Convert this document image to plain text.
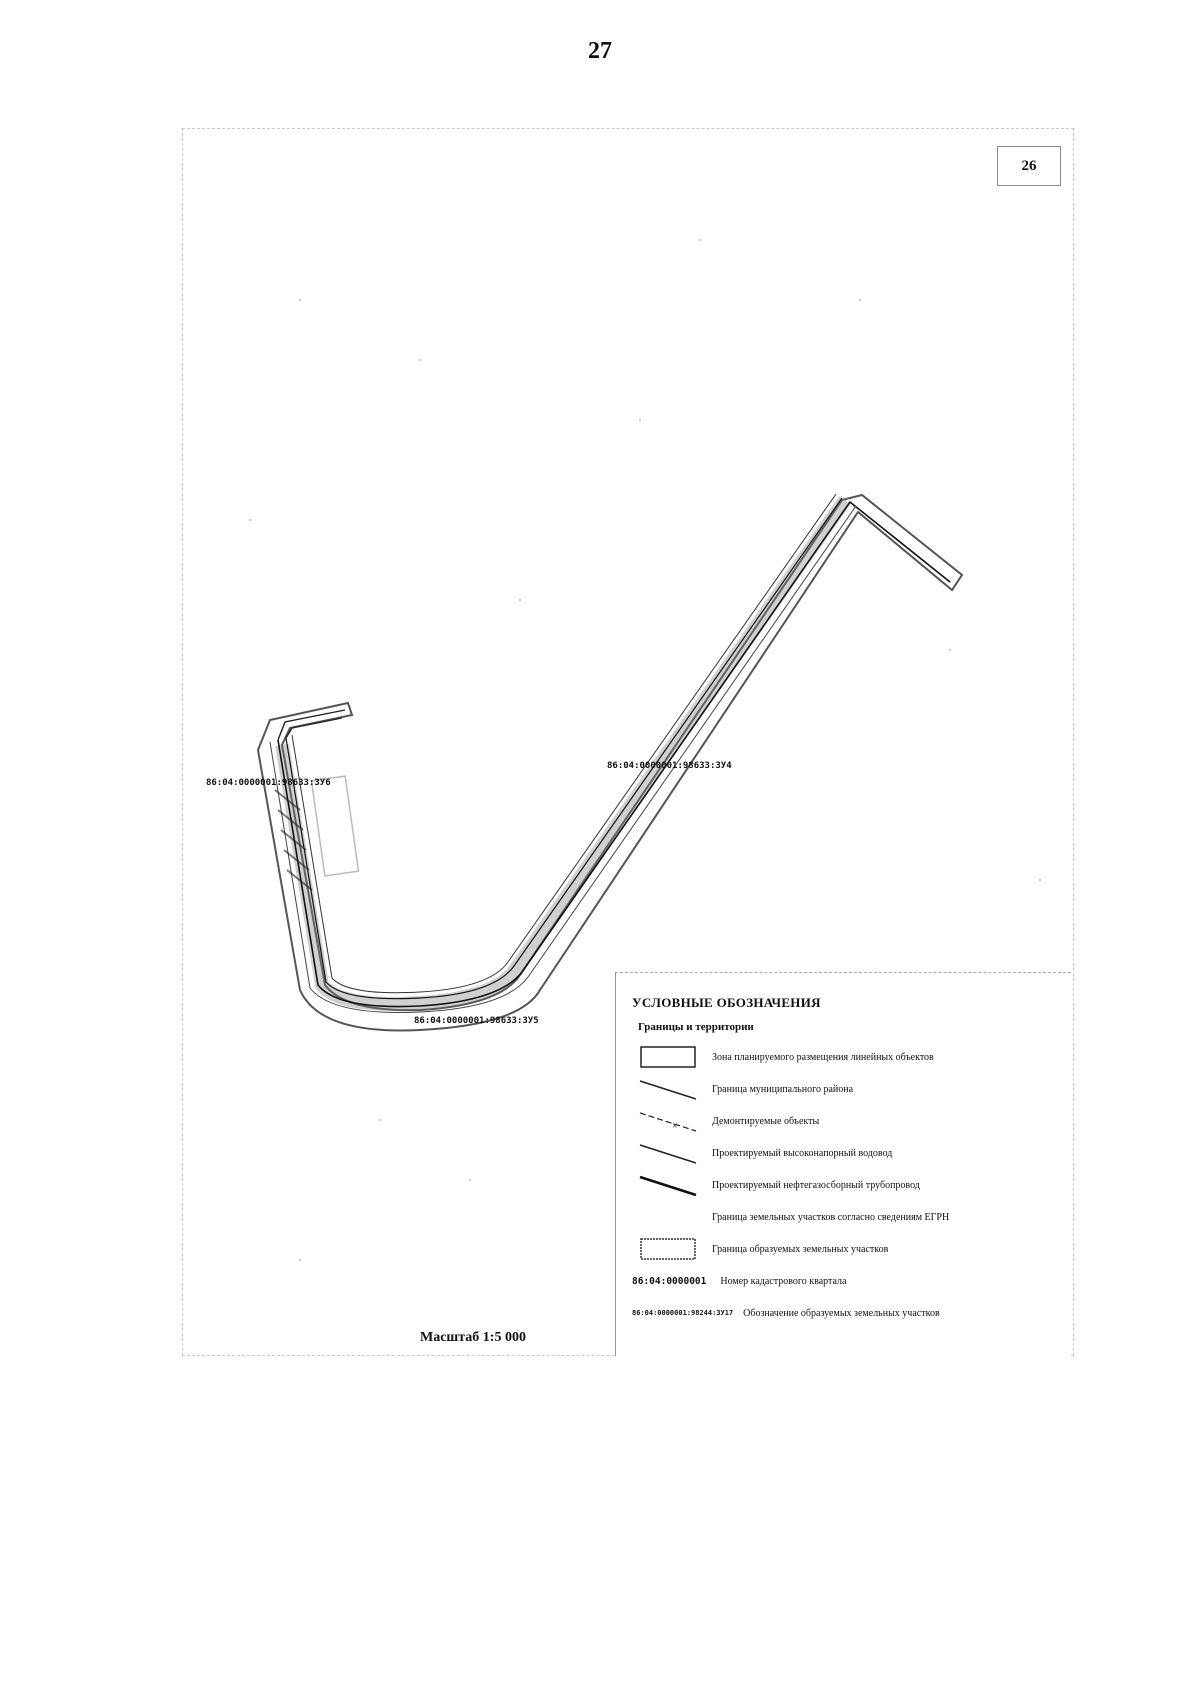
27
26
86:04:0000001:98633:ЗУ6
86:04:0000001:98633:ЗУ4
86:04:0000001:98633:ЗУ5
УСЛОВНЫЕ ОБОЗНАЧЕНИЯ
Границы и территории
Зона планируемого размещения линейных объектов
Граница муниципального района
×	Демонтируемые объекты
Проектируемый высоконапорный водовод
Проектируемый нефтегазосборный трубопровод
Граница земельных участков согласно сведениям ЕГРН
Граница образуемых земельных участков
86:04:0000001 Номер кадастрового квартала
86:04:0000001:98244:ЗУ17 Обозначение образуемых земельных участков
Масштаб 1:5 000
